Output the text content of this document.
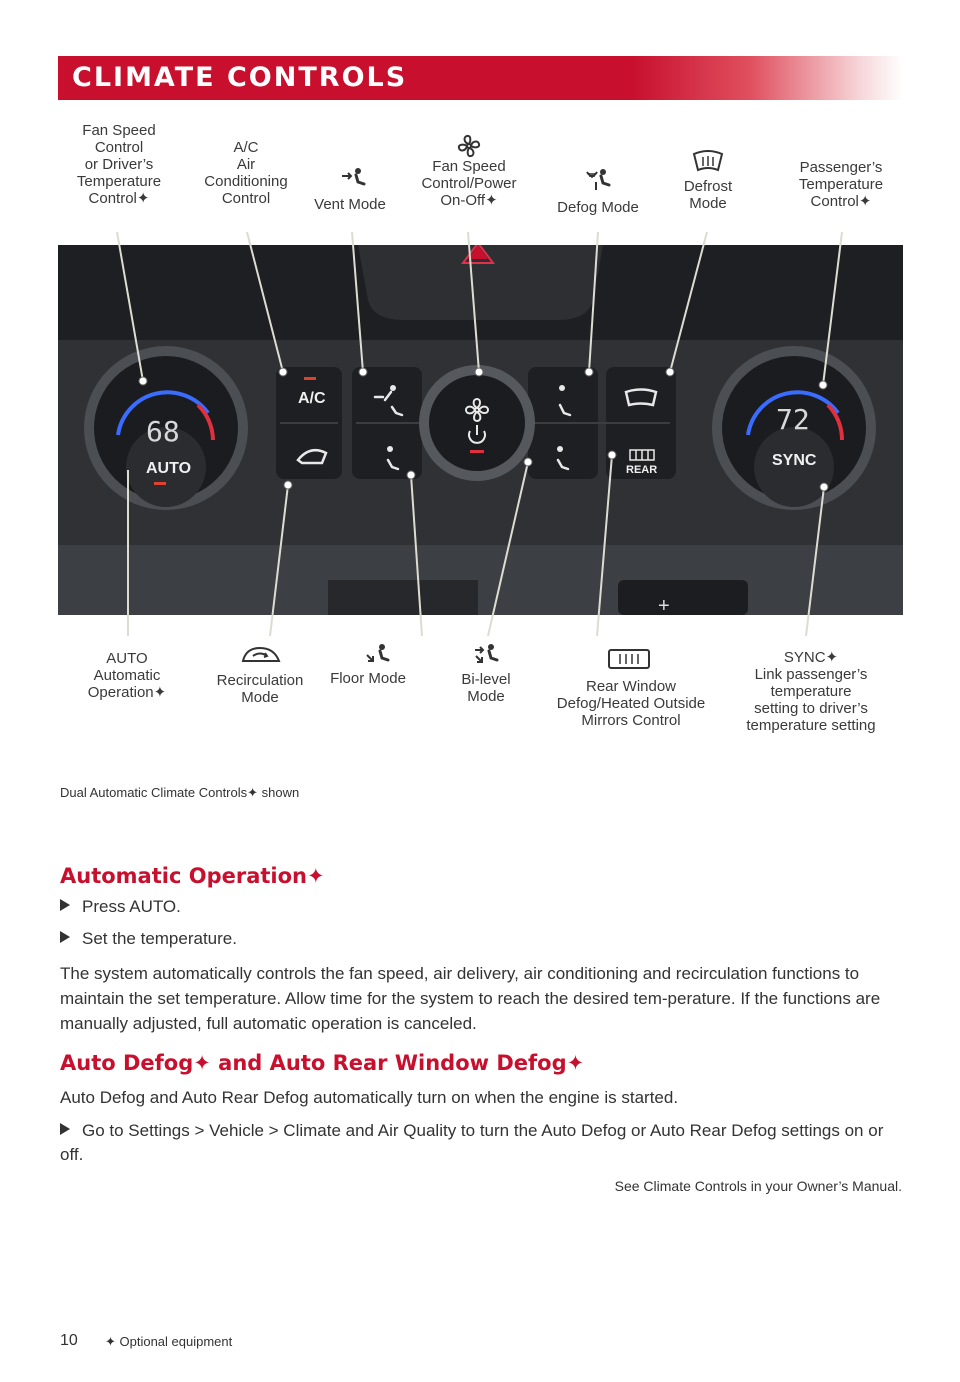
CLIMATE CONTROLS
Fan Speed
Control
or Driver’s
Temperature
Control✦
A/C
Air
Conditioning
Control	Vent Mode
Fan Speed
Control/Power
On-Off✦	Defog Mode
Defrost
Mode
Passenger’s
Temperature
Control✦
+
68	72
AUTO	SYNC
A/C
REAR
AUTO
Automatic
Operation✦
Recirculation
Mode
Floor Mode	Bi-level
Mode
Rear Window
Defog/Heated Outside
Mirrors Control
SYNC✦
Link passenger’s
temperature
setting to driver’s
temperature setting
Dual Automatic Climate Controls✦ shown
Automatic Operation✦
Press AUTO.
Set the temperature.
The system automatically controls the fan speed, air delivery, air conditioning and recirculation functions to maintain the set temperature. Allow time for the system to reach the desired tem-perature. If the functions are manually adjusted, full automatic operation is canceled.
Auto Defog✦ and Auto Rear Window Defog✦
Auto Defog and Auto Rear Defog automatically turn on when the engine is started.
Go to Settings > Vehicle > Climate and Air Quality to turn the Auto Defog or Auto Rear Defog settings on or off.
See Climate Controls in your Owner’s Manual.
10 ✦ Optional equipment
